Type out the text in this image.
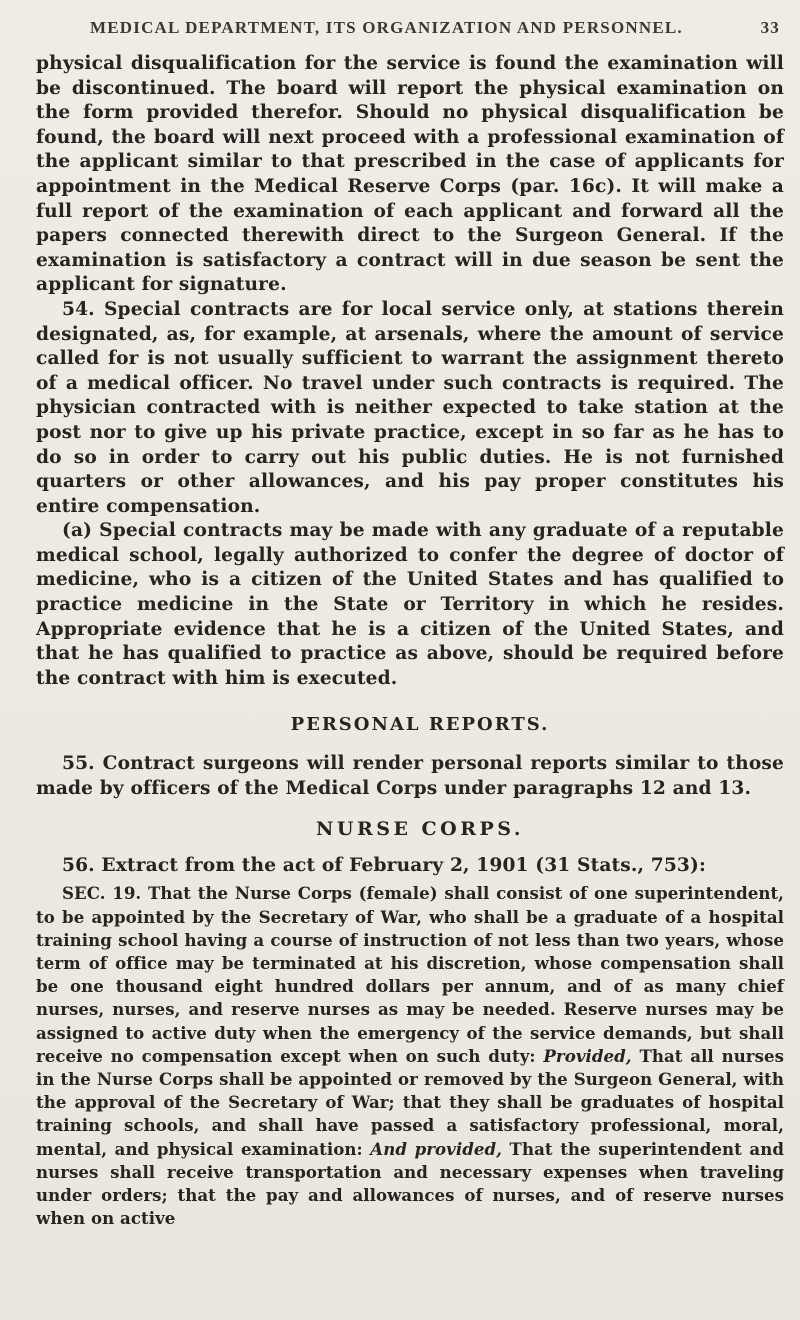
MEDICAL DEPARTMENT, ITS ORGANIZATION AND PERSONNEL.	33

physical disqualification for the service is found the examination will be discontinued. The board will report the physical examination on the form provided therefor. Should no physical disqualification be found, the board will next proceed with a professional examination of the applicant similar to that prescribed in the case of applicants for appointment in the Medical Reserve Corps (par. 16c). It will make a full report of the examination of each applicant and forward all the papers connected therewith direct to the Surgeon General. If the examination is satisfactory a contract will in due season be sent the applicant for signature.

54. Special contracts are for local service only, at stations therein designated, as, for example, at arsenals, where the amount of service called for is not usually sufficient to warrant the assignment thereto of a medical officer. No travel under such contracts is required. The physician contracted with is neither expected to take station at the post nor to give up his private practice, except in so far as he has to do so in order to carry out his public duties. He is not furnished quarters or other allowances, and his pay proper constitutes his entire compensation.

(a) Special contracts may be made with any graduate of a reputable medical school, legally authorized to confer the degree of doctor of medicine, who is a citizen of the United States and has qualified to practice medicine in the State or Territory in which he resides. Appropriate evidence that he is a citizen of the United States, and that he has qualified to practice as above, should be required before the contract with him is executed.

PERSONAL REPORTS.

55. Contract surgeons will render personal reports similar to those made by officers of the Medical Corps under paragraphs 12 and 13.

NURSE CORPS.

56. Extract from the act of February 2, 1901 (31 Stats., 753):

SEC. 19. That the Nurse Corps (female) shall consist of one superintendent, to be appointed by the Secretary of War, who shall be a graduate of a hospital training school having a course of instruction of not less than two years, whose term of office may be terminated at his discretion, whose compensation shall be one thousand eight hundred dollars per annum, and of as many chief nurses, nurses, and reserve nurses as may be needed. Reserve nurses may be assigned to active duty when the emergency of the service demands, but shall receive no compensation except when on such duty: Provided, That all nurses in the Nurse Corps shall be appointed or removed by the Surgeon General, with the approval of the Secretary of War; that they shall be graduates of hospital training schools, and shall have passed a satisfactory professional, moral, mental, and physical examination: And provided, That the superintendent and nurses shall receive transportation and necessary expenses when traveling under orders; that the pay and allowances of nurses, and of reserve nurses when on active
